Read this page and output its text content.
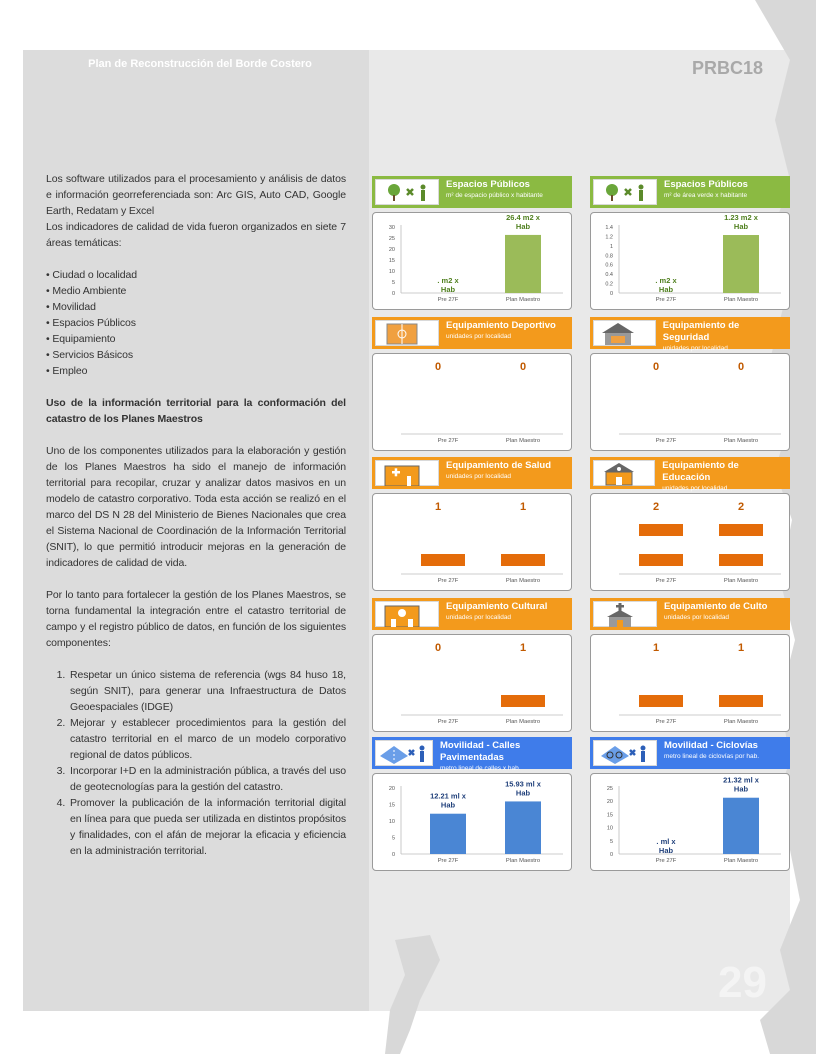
Plan de Reconstrucción del Borde Costero	PRBC18
29

Los software utilizados para el procesamiento y análisis de datos e información georreferenciada son: Arc GIS, Auto CAD, Google Earth, Redatam y Excel

Los indicadores de calidad de vida fueron organizados en siete 7 áreas temáticas:

• Ciudad o localidad
• Medio Ambiente
• Movilidad
• Espacios Públicos
• Equipamiento
• Servicios Básicos
• Empleo

Uso de la información territorial para la conformación del catastro de los Planes Maestros

Uno de los componentes utilizados para la elaboración y gestión de los Planes Maestros ha sido el manejo de información territorial para recopilar, cruzar y analizar datos masivos en un modelo de catastro corporativo. Toda esta acción se realizó en el marco del DS N 28 del Ministerio de Bienes Nacionales que crea el Sistema Nacional de Coordinación de la Información Territorial (SNIT), lo que permitió introducir mejoras en la generación de indicadores de calidad de vida.

Por lo tanto para fortalecer la gestión de los Planes Maestros, se torna fundamental la integración entre el catastro territorial de campo y el registro público de datos, en función de los siguientes componentes:

1. Respetar un único sistema de referencia (wgs 84 huso 18, según SNIT), para generar una Infraestructura de Datos Geoespaciales (IDGE)
2. Mejorar y establecer procedimientos para la gestión del catastro territorial en el marco de un modelo corporativo regional de datos públicos.
3. Incorporar I+D en la administración pública, a través del uso de geotecnologías para la gestión del catastro.
4. Promover la publicación de la información territorial digital en línea para que pueda ser utilizada en distintos propósitos y finalidades, con el afán de mejorar la eficacia y eficiencia en la administración territorial.
Espacios Públicos
m² de espacio público x habitante
0
5
10
15
20
25
30
Pre 27F	Plan Maestro
. m2 x
Hab
26.4 m2 x
Hab
Espacios Públicos
m² de área verde x habitante
0
0.2
0.4
0.6
0.8
1
1.2
1.4
Pre 27F	Plan Maestro
. m2 x
Hab
1.23 m2 x
Hab
Equipamiento Deportivo
unidades por localidad
Pre 27F	Plan Maestro
0	0
Equipamiento de Seguridad
unidades por localidad
Pre 27F	Plan Maestro
0	0
Equipamiento de Salud
unidades por localidad
Pre 27F	Plan Maestro
1	1
Equipamiento de Educación
unidades por localidad
Pre 27F	Plan Maestro
2	2
Equipamiento Cultural
unidades por localidad
Pre 27F	Plan Maestro
0	1
Equipamiento de Culto
unidades por localidad
Pre 27F	Plan Maestro
1	1
Movilidad - Calles Pavimentadas
metro lineal de calles x hab.
0
5
10
15
20
Pre 27F	Plan Maestro
12.21 ml x
Hab
15.93 ml x
Hab
Movilidad - Ciclovías
metro lineal de ciclovías por hab.
0
5
10
15
20
25
Pre 27F	Plan Maestro
. ml x
Hab
21.32 ml x
Hab
